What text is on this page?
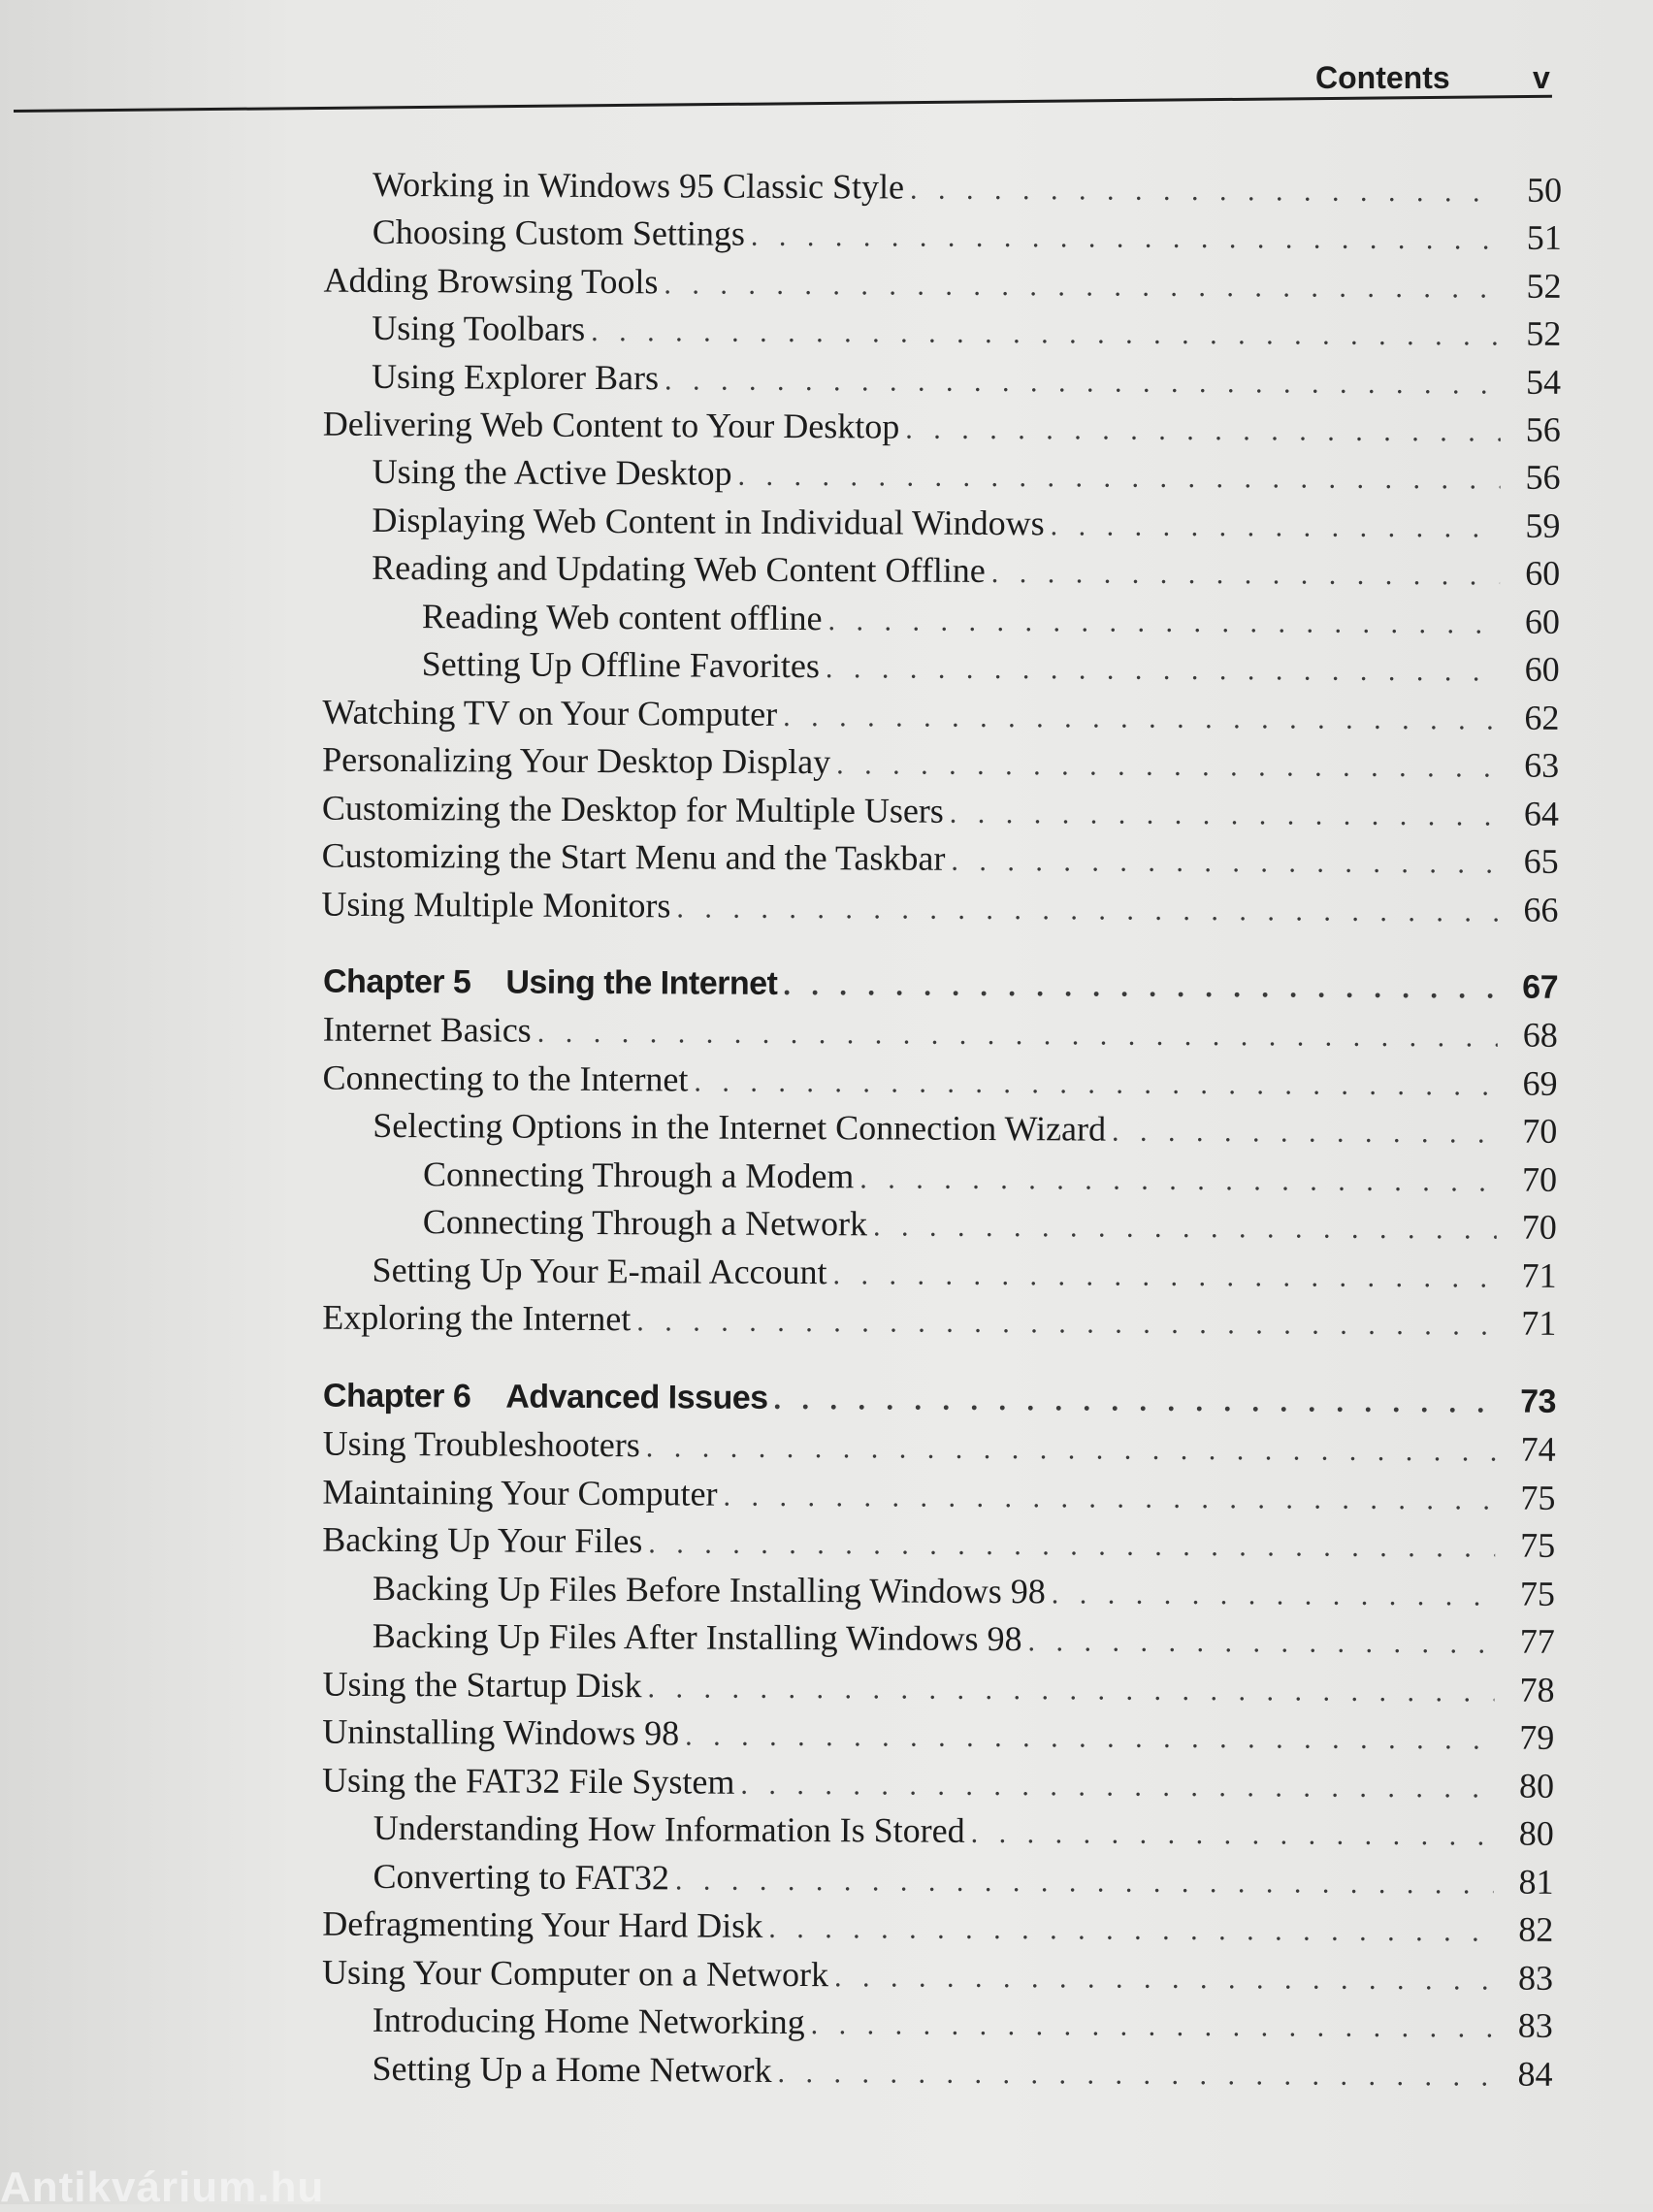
Contents	v
Working in Windows 95 Classic Style . . .	50
Choosing Custom Settings . . .	51
Adding Browsing Tools . . .	52
Using Toolbars . . .	52
Using Explorer Bars . . .	54
Delivering Web Content to Your Desktop . . .	56
Using the Active Desktop . . .	56
Displaying Web Content in Individual Windows . . .	59
Reading and Updating Web Content Offline . . .	60
Reading Web content offline . . .	60
Setting Up Offline Favorites . . .	60
Watching TV on Your Computer . . .	62
Personalizing Your Desktop Display . . .	63
Customizing the Desktop for Multiple Users . . .	64
Customizing the Start Menu and the Taskbar . . .	65
Using Multiple Monitors . . .	66
Chapter 5 Using the Internet . . .	67
Internet Basics . . .	68
Connecting to the Internet . . .	69
Selecting Options in the Internet Connection Wizard . . .	70
Connecting Through a Modem . . .	70
Connecting Through a Network . . .	70
Setting Up Your E-mail Account . . .	71
Exploring the Internet . . .	71
Chapter 6 Advanced Issues . . .	73
Using Troubleshooters . . .	74
Maintaining Your Computer . . .	75
Backing Up Your Files . . .	75
Backing Up Files Before Installing Windows 98 . . .	75
Backing Up Files After Installing Windows 98 . . .	77
Using the Startup Disk . . .	78
Uninstalling Windows 98 . . .	79
Using the FAT32 File System . . .	80
Understanding How Information Is Stored . . .	80
Converting to FAT32 . . .	81
Defragmenting Your Hard Disk . . .	82
Using Your Computer on a Network . . .	83
Introducing Home Networking . . .	83
Setting Up a Home Network . . .	84
Antikvárium.hu
